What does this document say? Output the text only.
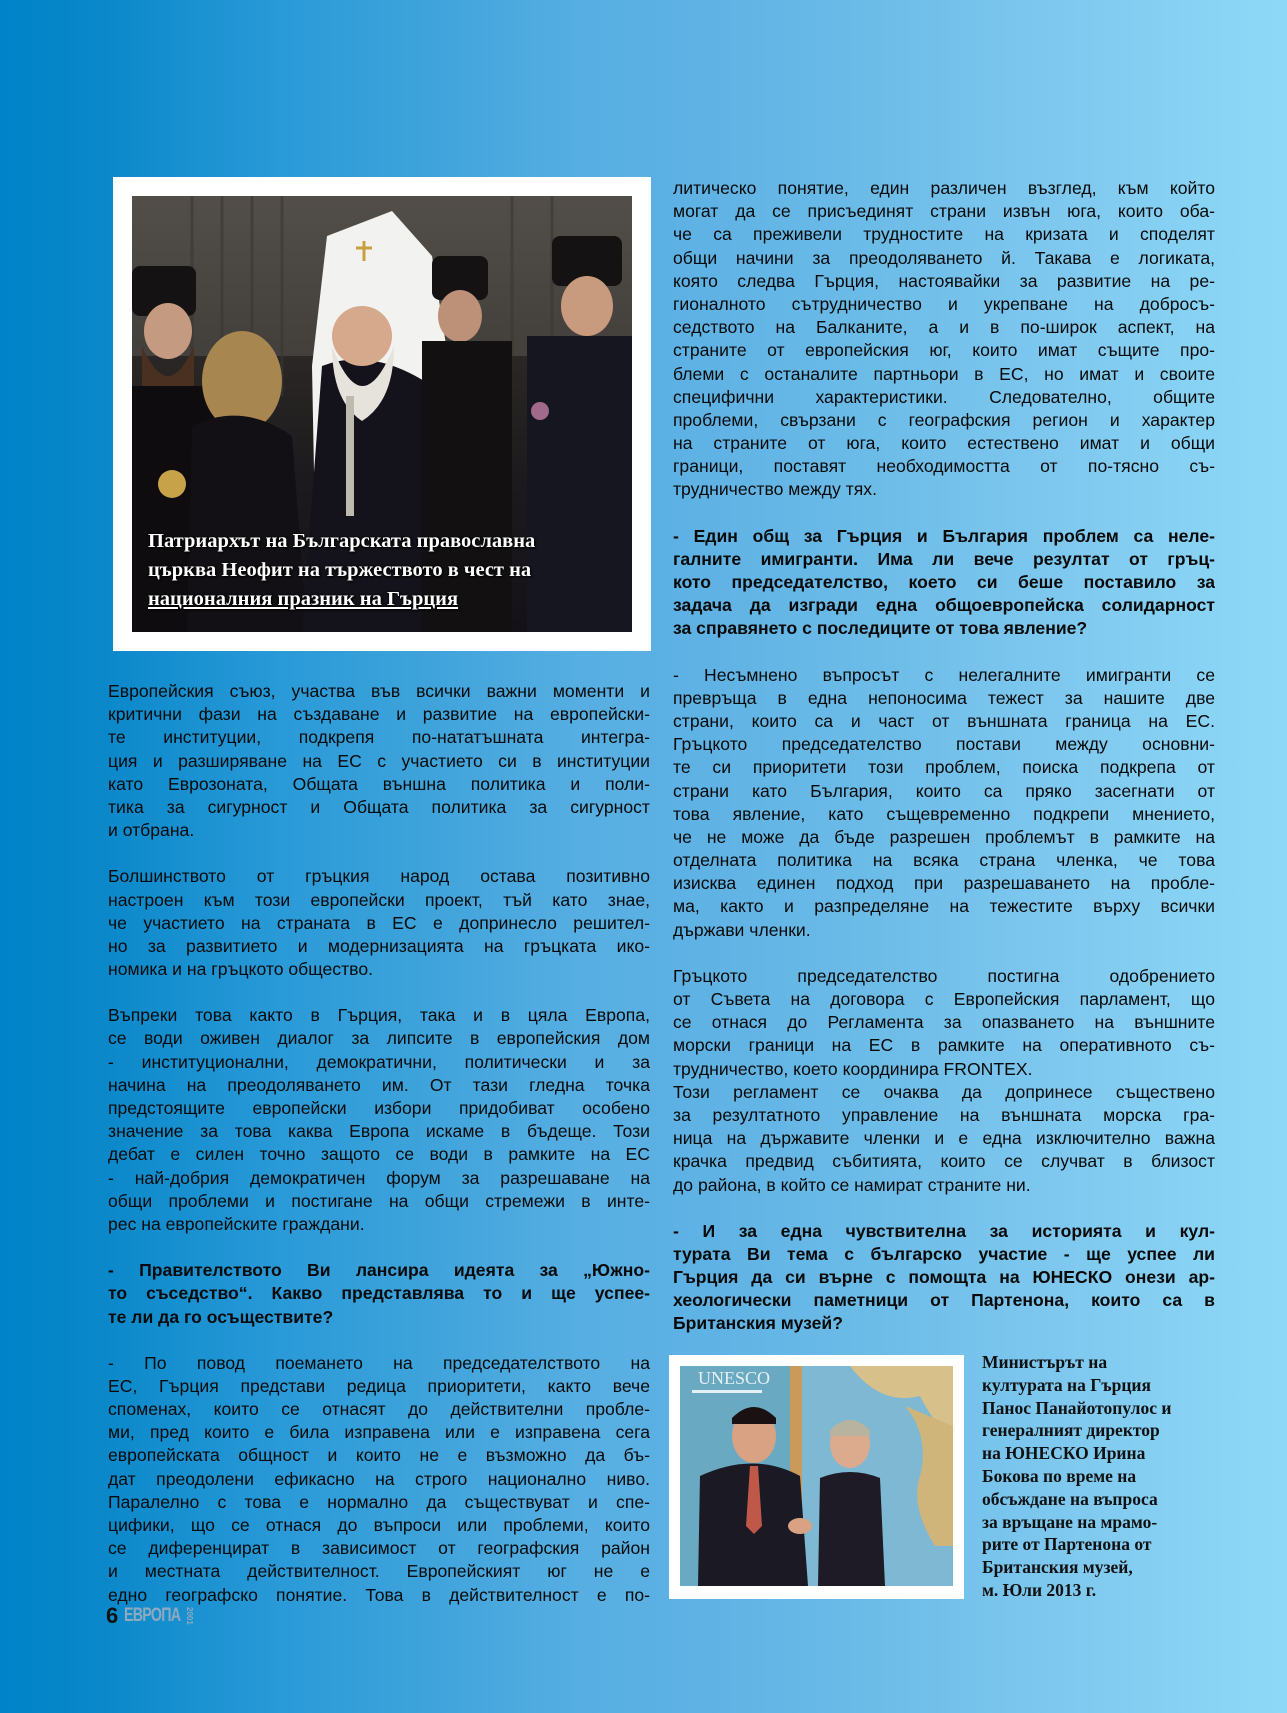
Патриархът на Българската православна
църква Неофит на тържеството в чест на
националния празник на Гърция
Европейския съюз, участва във всички важни моменти и
критични фази на създаване и развитие на европейски-
те институции, подкрепя по-нататъшната интегра-
ция и разширяване на ЕС с участието си в институции
като Еврозоната, Общата външна политика и поли-
тика за сигурност и Общата политика за сигурност
и отбрана.
Болшинството от гръцкия народ остава позитивно
настроен към този европейски проект, тъй като знае,
че участието на страната в ЕС е допринесло решител-
но за развитието и модернизацията на гръцката ико-
номика и на гръцкото общество.
Въпреки това както в Гърция, така и в цяла Европа,
се води оживен диалог за липсите в европейския дом
- институционални, демократични, политически и за
начина на преодоляването им. От тази гледна точка
предстоящите европейски избори придобиват особено
значение за това каква Европа искаме в бъдеще. Този
дебат е силен точно защото се води в рамките на ЕС
- най-добрия демократичен форум за разрешаване на
общи проблеми и постигане на общи стремежи в инте-
рес на европейските граждани.
- Правителството Ви лансира идеята за „Южно-
то съседство“. Какво представлява то и ще успее-
те ли да го осъществите?
- По повод поемането на председателството на
ЕС, Гърция представи редица приоритети, както вече
споменах, които се отнасят до действителни пробле-
ми, пред които е била изправена или е изправена сега
европейската общност и които не е възможно да бъ-
дат преодолени ефикасно на строго национално ниво.
Паралелно с това е нормално да съществуват и спе-
цифики, що се отнася до въпроси или проблеми, които
се диференцират в зависимост от географския район
и местната действителност. Европейският юг не е
едно географско понятие. Това в действителност е по-
литическо понятие, един различен възглед, към който
могат да се присъединят страни извън юга, които оба-
че са преживели трудностите на кризата и споделят
общи начини за преодоляването й. Такава е логиката,
която следва Гърция, настоявайки за развитие на ре-
гионалното сътрудничество и укрепване на добросъ-
седството на Балканите, а и в по-широк аспект, на
страните от европейския юг, които имат същите про-
блеми с останалите партньори в ЕС, но имат и своите
специфични характеристики. Следователно, общите
проблеми, свързани с географския регион и характер
на страните от юга, които естествено имат и общи
граници, поставят необходимостта от по-тясно съ-
трудничество между тях.
- Един общ за Гърция и България проблем са неле-
галните имигранти. Има ли вече резултат от гръц-
кото председателство, което си беше поставило за
задача да изгради една общоевропейска солидарност
за справянето с последиците от това явление?
- Несъмнено въпросът с нелегалните имигранти се
превръща в една непоносима тежест за нашите две
страни, които са и част от външната граница на ЕС.
Гръцкото председателство постави между основни-
те си приоритети този проблем, поиска подкрепа от
страни като България, които са пряко засегнати от
това явление, като същевременно подкрепи мнението,
че не може да бъде разрешен проблемът в рамките на
отделната политика на всяка страна членка, че това
изисква единен подход при разрешаването на пробле-
ма, както и разпределяне на тежестите върху всички
държави членки.
Гръцкото председателство постигна одобрението
от Съвета на договора с Европейския парламент, що
се отнася до Регламента за опазването на външните
морски граници на ЕС в рамките на оперативното съ-
трудничество, което координира FRONTEX.
Този регламент се очаква да допринесе съществено
за резултатното управление на външната морска гра-
ница на държавите членки и е една изключително важна
крачка предвид събитията, които се случват в близост
до района, в който се намират страните ни.
- И за една чувствителна за историята и кул-
турата Ви тема с българско участие - ще успее ли
Гърция да си върне с помощта на ЮНЕСКО онези ар-
хеологически паметници от Партенона, които са в
Британския музей?
UNESCO
Министърът на
културата на Гърция
Панос Панайотопулос и
генералният директор
на ЮНЕСКО Ирина
Бокова по време на
обсъждане на въпроса
за връщане на мрамо-
рите от Партенона от
Британския музей,
м. Юли 2013 г.
6 ЕВРОПА 2001
